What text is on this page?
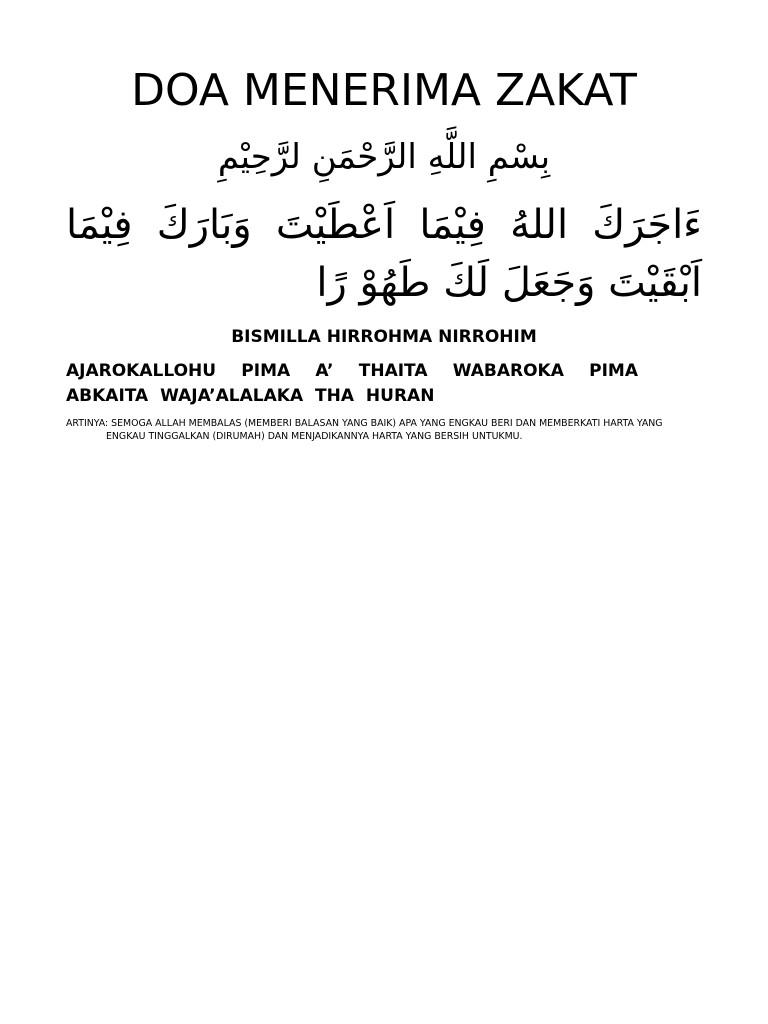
DOA MENERIMA ZAKAT
بِسْمِ اللَّهِ الرَّحْمَنِ لرَّحِيْمِ
ءَاجَرَكَ اللهُ فِيْمَا اَعْطَيْتَ وَبَارَكَ فِيْمَا اَبْقَيْتَ وَجَعَلَ لَكَ طَهُوْ رًا
BISMILLA HIRROHMA NIRROHIM
AJAROKALLOHU PIMA A’ THAITA WABAROKA PIMA ABKAITA WAJA’ALALAKA THA HURAN
ARTINYA: SEMOGA ALLAH MEMBALAS (MEMBERI BALASAN YANG BAIK) APA YANG ENGKAU BERI DAN MEMBERKATI HARTA YANG ENGKAU TINGGALKAN (DIRUMAH) DAN MENJADIKANNYA HARTA YANG BERSIH UNTUKMU.
